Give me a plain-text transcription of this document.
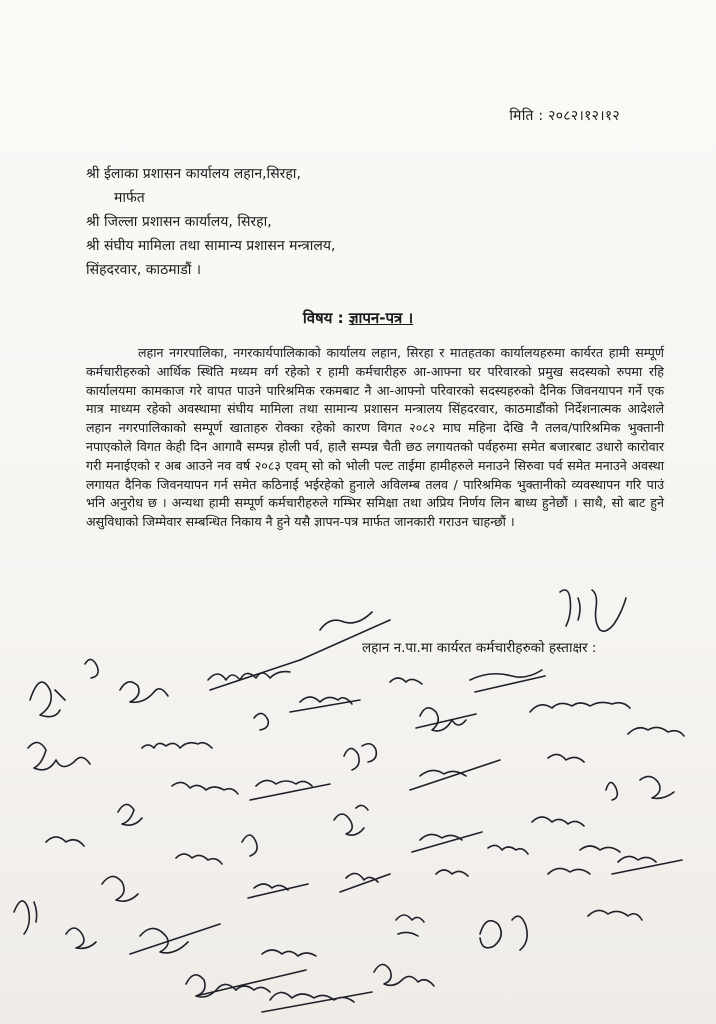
मिति : २०८२।१२।१२
श्री ईलाका प्रशासन कार्यालय लहान,सिरहा,
मार्फत
श्री जिल्ला प्रशासन कार्यालय, सिरहा,
श्री संघीय मामिला तथा सामान्य प्रशासन मन्त्रालय,
सिंहदरवार, काठमाडौं ।
विषय : ज्ञापन-पत्र ।
लहान नगरपालिका, नगरकार्यपालिकाको कार्यालय लहान, सिरहा र मातहतका कार्यालयहरुमा कार्यरत हामी सम्पूर्ण कर्मचारीहरुको आर्थिक स्थिति मध्यम वर्ग रहेको र हामी कर्मचारीहरु आ-आफ्ना घर परिवारको प्रमुख सदस्यको रुपमा रहि कार्यालयमा कामकाज गरे वापत पाउने पारिश्रमिक रकमबाट नै आ-आफ्नो परिवारको सदस्यहरुको दैनिक जिवनयापन गर्ने एक मात्र माध्यम रहेको अवस्थामा संघीय मामिला तथा सामान्य प्रशासन मन्त्रालय सिंहदरवार, काठमाडौंको निर्देशनात्मक आदेशले लहान नगरपालिकाको सम्पूर्ण खाताहरु रोक्का रहेको कारण विगत २०८२ माघ महिना देखि नै तलव/पारिश्रमिक भुक्तानी नपाएकोले विगत केही दिन आगावै सम्पन्न होली पर्व, हालै सम्पन्न चैती छठ लगायतको पर्वहरुमा समेत बजारबाट उधारो कारोवार गरी मनाईएको र अब आउने नव वर्ष २०८३ एवम् सो को भोली पल्ट ताईमा हामीहरुले मनाउने सिरुवा पर्व समेत मनाउने अवस्था लगायत दैनिक जिवनयापन गर्न समेत कठिनाई भईरहेको हुनाले अविलम्ब तलव / पारिश्रमिक भुक्तानीको व्यवस्थापन गरि पाउं भनि अनुरोध छ । अन्यथा हामी सम्पूर्ण कर्मचारीहरुले गम्भिर समिक्षा तथा अप्रिय निर्णय लिन बाध्य हुनेछौं । साथै, सो बाट हुने असुविधाको जिम्मेवार सम्बन्धित निकाय नै हुने यसै ज्ञापन-पत्र मार्फत जानकारी गराउन चाहन्छौं ।
लहान न.पा.मा कार्यरत कर्मचारीहरुको हस्ताक्षर :
